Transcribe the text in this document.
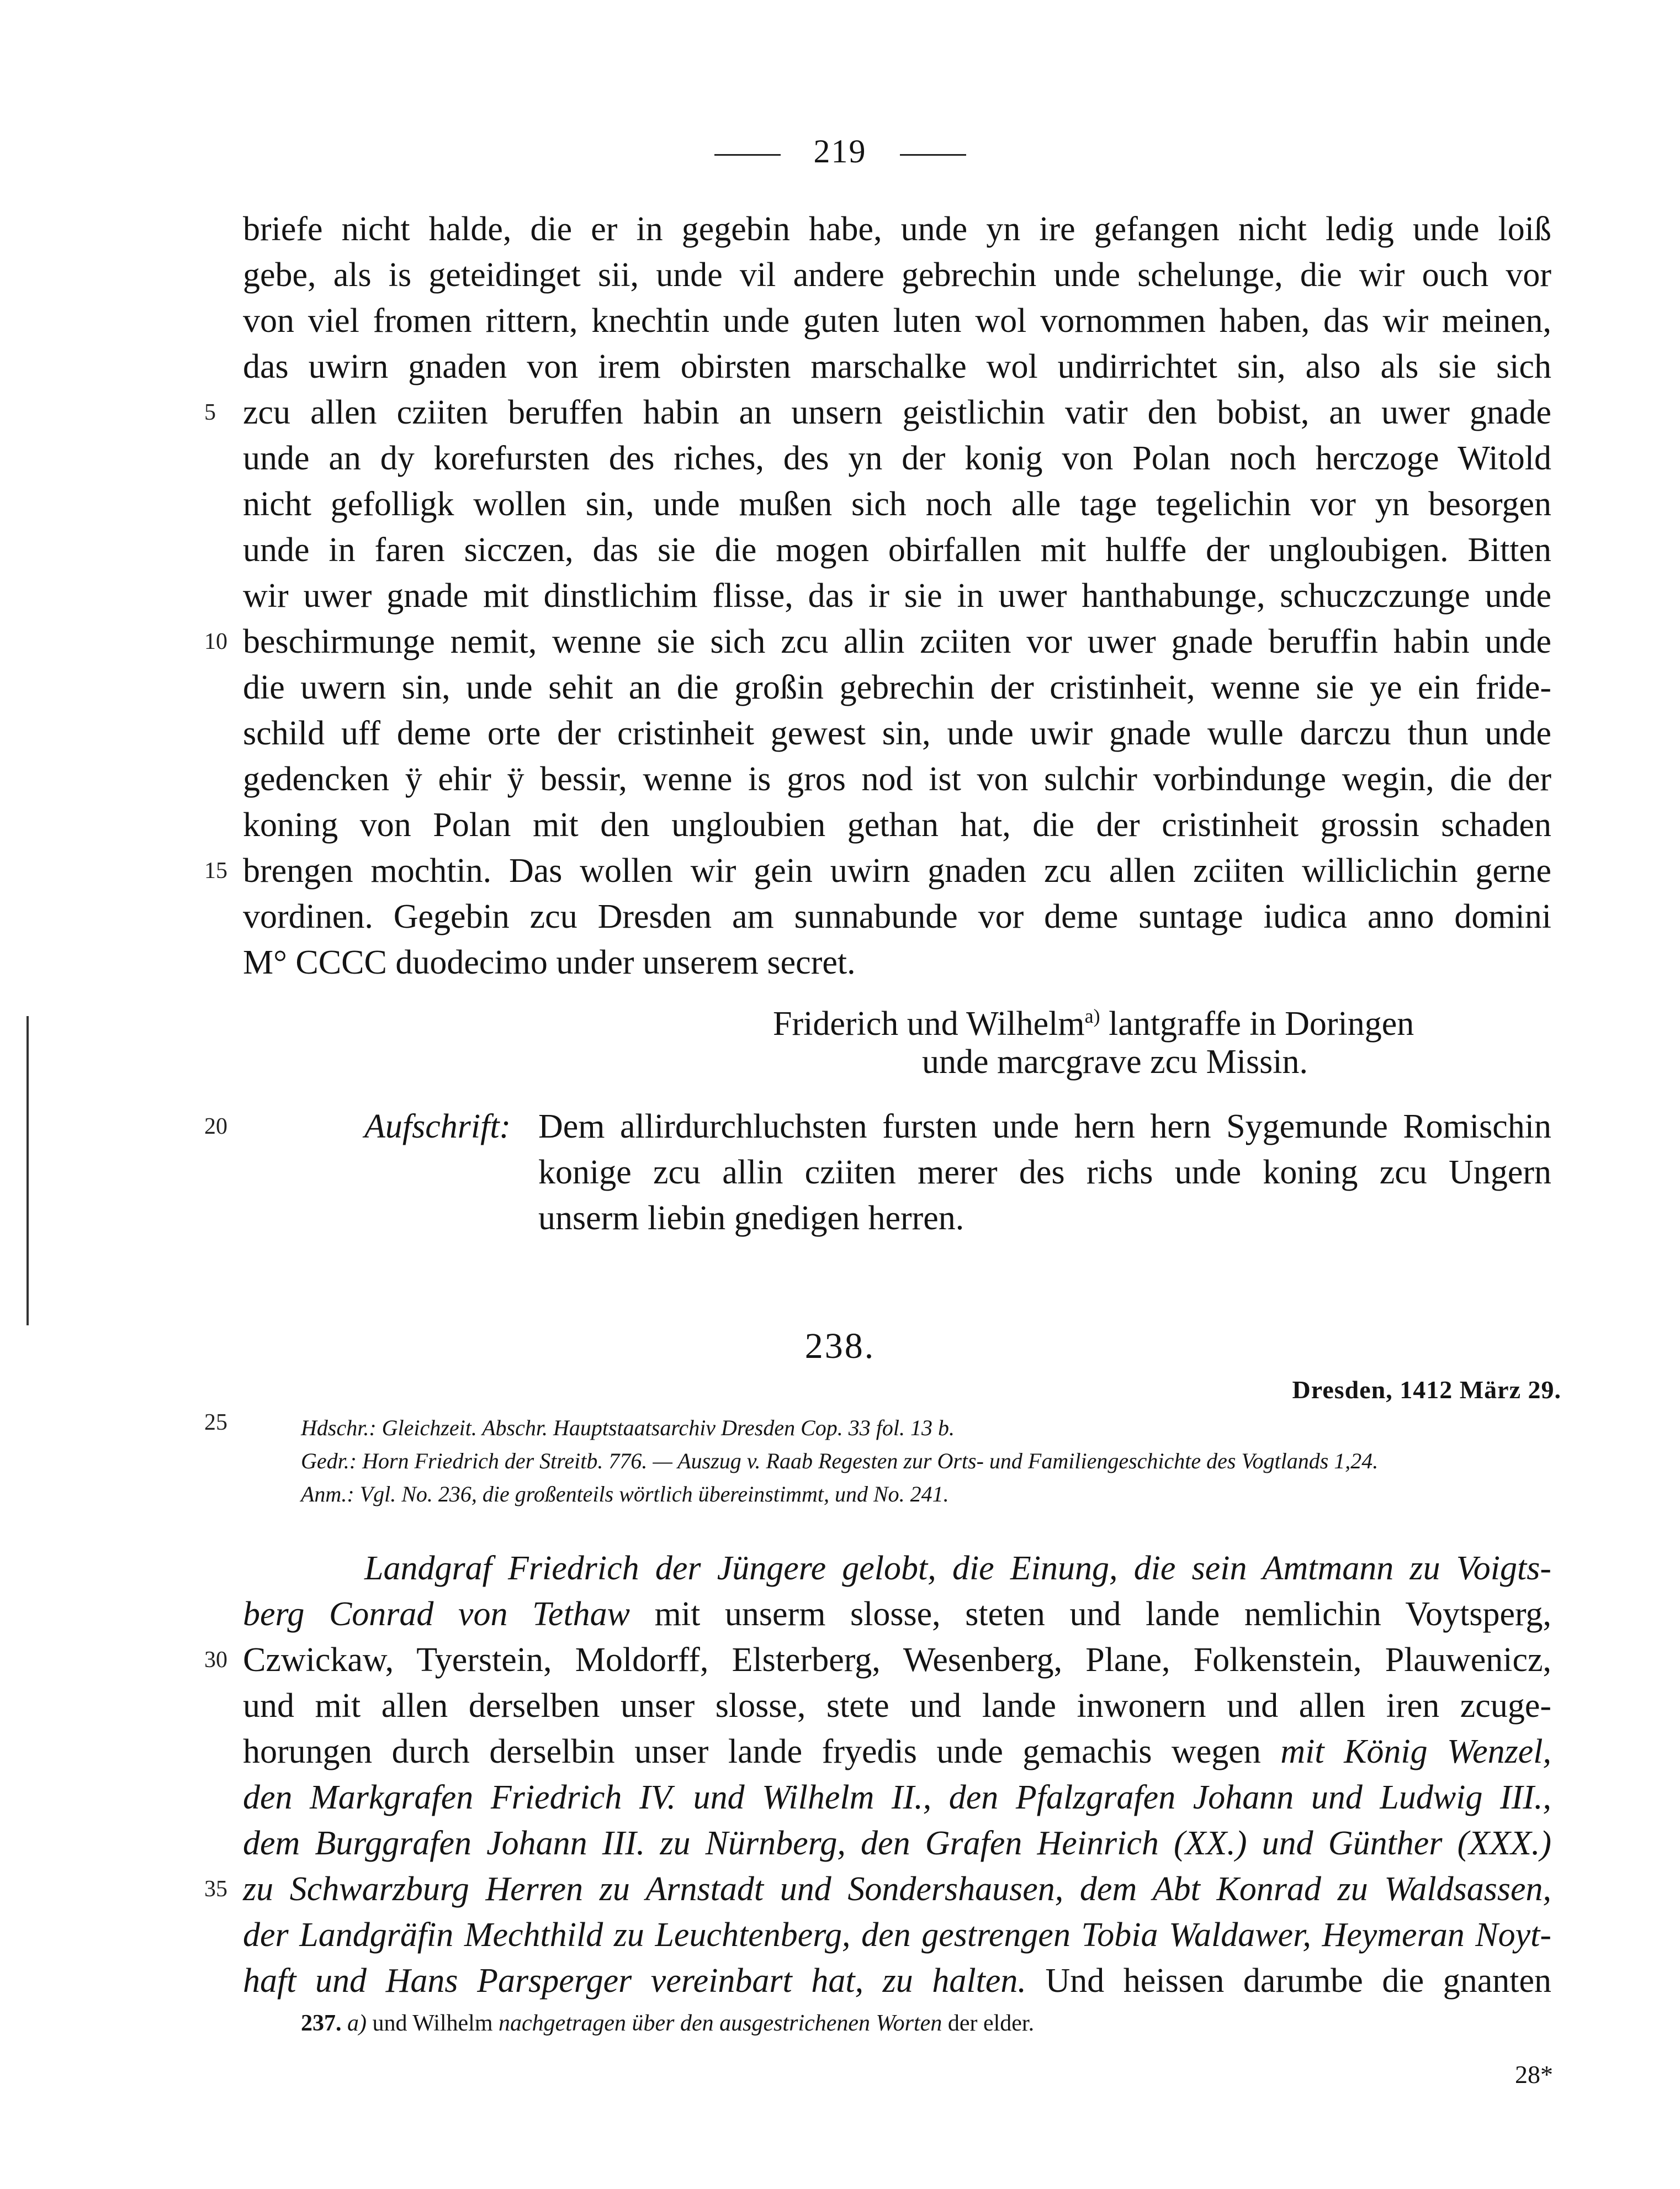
219
briefe nicht halde, die er in gegebin habe, unde yn ire gefangen nicht ledig unde loiß
gebe, als is geteidinget sii, unde vil andere gebrechin unde schelunge, die wir ouch vor
von viel fromen rittern, knechtin unde guten luten wol vornommen haben, das wir meinen,
das uwirn gnaden von irem obirsten marschalke wol undirrichtet sin, also als sie sich
5 zcu allen cziiten beruffen habin an unsern geistlichin vatir den bobist, an uwer gnade
unde an dy korefursten des riches, des yn der konig von Polan noch herczoge Witold
nicht gefolligk wollen sin, unde mußen sich noch alle tage tegelichin vor yn besorgen
unde in faren sicczen, das sie die mogen obirfallen mit hulffe der ungloubigen. Bitten
wir uwer gnade mit dinstlichim flisse, das ir sie in uwer hanthabunge, schuczczunge unde
10 beschirmunge nemit, wenne sie sich zcu allin zciiten vor uwer gnade beruffin habin unde
die uwern sin, unde sehit an die großin gebrechin der cristinheit, wenne sie ye ein fride-
schild uff deme orte der cristinheit gewest sin, unde uwir gnade wulle darczu thun unde
gedencken ÿ ehir ÿ bessir, wenne is gros nod ist von sulchir vorbindunge wegin, die der
koning von Polan mit den ungloubien gethan hat, die der cristinheit grossin schaden
15 brengen mochtin. Das wollen wir gein uwirn gnaden zcu allen zciiten williclichin gerne
vordinen. Gegebin zcu Dresden am sunnabunde vor deme suntage iudica anno domini
M° CCCC duodecimo under unserem secret.
Friderich und Wilhelm$^{a)}$ lantgraffe in Doringen
unde marcgrave zcu Missin.
20	Aufschrift: Dem allirdurchluchsten fursten unde hern hern Sygemunde Romischin
konige zcu allin cziiten merer des richs unde koning zcu Ungern
unserm liebin gnedigen herren.
238.
Dresden, 1412 März 29.
25	Hdschr.: Gleichzeit. Abschr. Hauptstaatsarchiv Dresden Cop. 33 fol. 13 b.
Gedr.: Horn Friedrich der Streitb. 776. — Auszug v. Raab Regesten zur Orts- und Familiengeschichte des Vogtlands 1,24.
Anm.: Vgl. No. 236, die großenteils wörtlich übereinstimmt, und No. 241.
Landgraf Friedrich der Jüngere gelobt, die Einung, die sein Amtmann zu Voigts-
berg Conrad von Tethaw mit unserm slosse, steten und lande nemlichin Voytsperg,
30 Czwickaw, Tyerstein, Moldorff, Elsterberg, Wesenberg, Plane, Folkenstein, Plauwenicz,
und mit allen derselben unser slosse, stete und lande inwonern und allen iren zcuge-
horungen durch derselbin unser lande fryedis unde gemachis wegen mit König Wenzel,
den Markgrafen Friedrich IV. und Wilhelm II., den Pfalzgrafen Johann und Ludwig III.,
dem Burggrafen Johann III. zu Nürnberg, den Grafen Heinrich (XX.) und Günther (XXX.)
35 zu Schwarzburg Herren zu Arnstadt und Sondershausen, dem Abt Konrad zu Waldsassen,
der Landgräfin Mechthild zu Leuchtenberg, den gestrengen Tobia Waldawer, Heymeran Noyt-
haft und Hans Parsperger vereinbart hat, zu halten. Und heissen darumbe die gnanten
237. a) und Wilhelm nachgetragen über den ausgestrichenen Worten der elder.
28*
